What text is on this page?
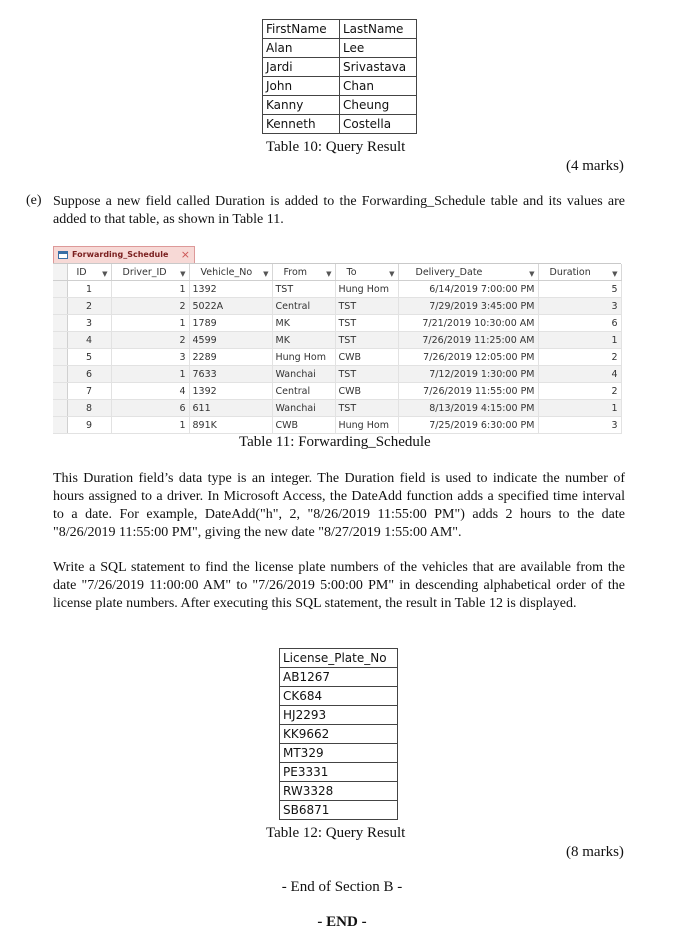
FirstName	LastName
Alan	Lee
Jardi	Srivastava
John	Chan
Kanny	Cheung
Kenneth	Costella
Table 10: Query Result
(4 marks)
(e) Suppose a new field called Duration is added to the Forwarding_Schedule table and its values are added to that table, as shown in Table 11.
Forwarding_Schedule ×
	ID ▼	Driver_ID ▼	Vehicle_No ▼	From ▼	To ▼	Delivery_Date ▼	Duration ▼

	1	1	1392	TST	Hung Hom	6/14/2019 7:00:00 PM	5
	2	2	5022A	Central	TST	7/29/2019 3:45:00 PM	3
	3	1	1789	MK	TST	7/21/2019 10:30:00 AM	6
	4	2	4599	MK	TST	7/26/2019 11:25:00 AM	1
	5	3	2289	Hung Hom	CWB	7/26/2019 12:05:00 PM	2
	6	1	7633	Wanchai	TST	7/12/2019 1:30:00 PM	4
	7	4	1392	Central	CWB	7/26/2019 11:55:00 PM	2
	8	6	611	Wanchai	TST	8/13/2019 4:15:00 PM	1
	9	1	891K	CWB	Hung Hom	7/25/2019 6:30:00 PM	3
Table 11: Forwarding_Schedule
This Duration field’s data type is an integer. The Duration field is used to indicate the number of hours assigned to a driver. In Microsoft Access, the DateAdd function adds a specified time interval to a date. For example, DateAdd("h", 2, "8/26/2019 11:55:00 PM") adds 2 hours to the date "8/26/2019 11:55:00 PM", giving the new date "8/27/2019 1:55:00 AM".
Write a SQL statement to find the license plate numbers of the vehicles that are available from the date "7/26/2019 11:00:00 AM" to "7/26/2019 5:00:00 PM" in descending alphabetical order of the license plate numbers. After executing this SQL statement, the result in Table 12 is displayed.
License_Plate_No
AB1267
CK684
HJ2293
KK9662
MT329
PE3331
RW3328
SB6871
Table 12: Query Result
(8 marks)
- End of Section B -
- END -
